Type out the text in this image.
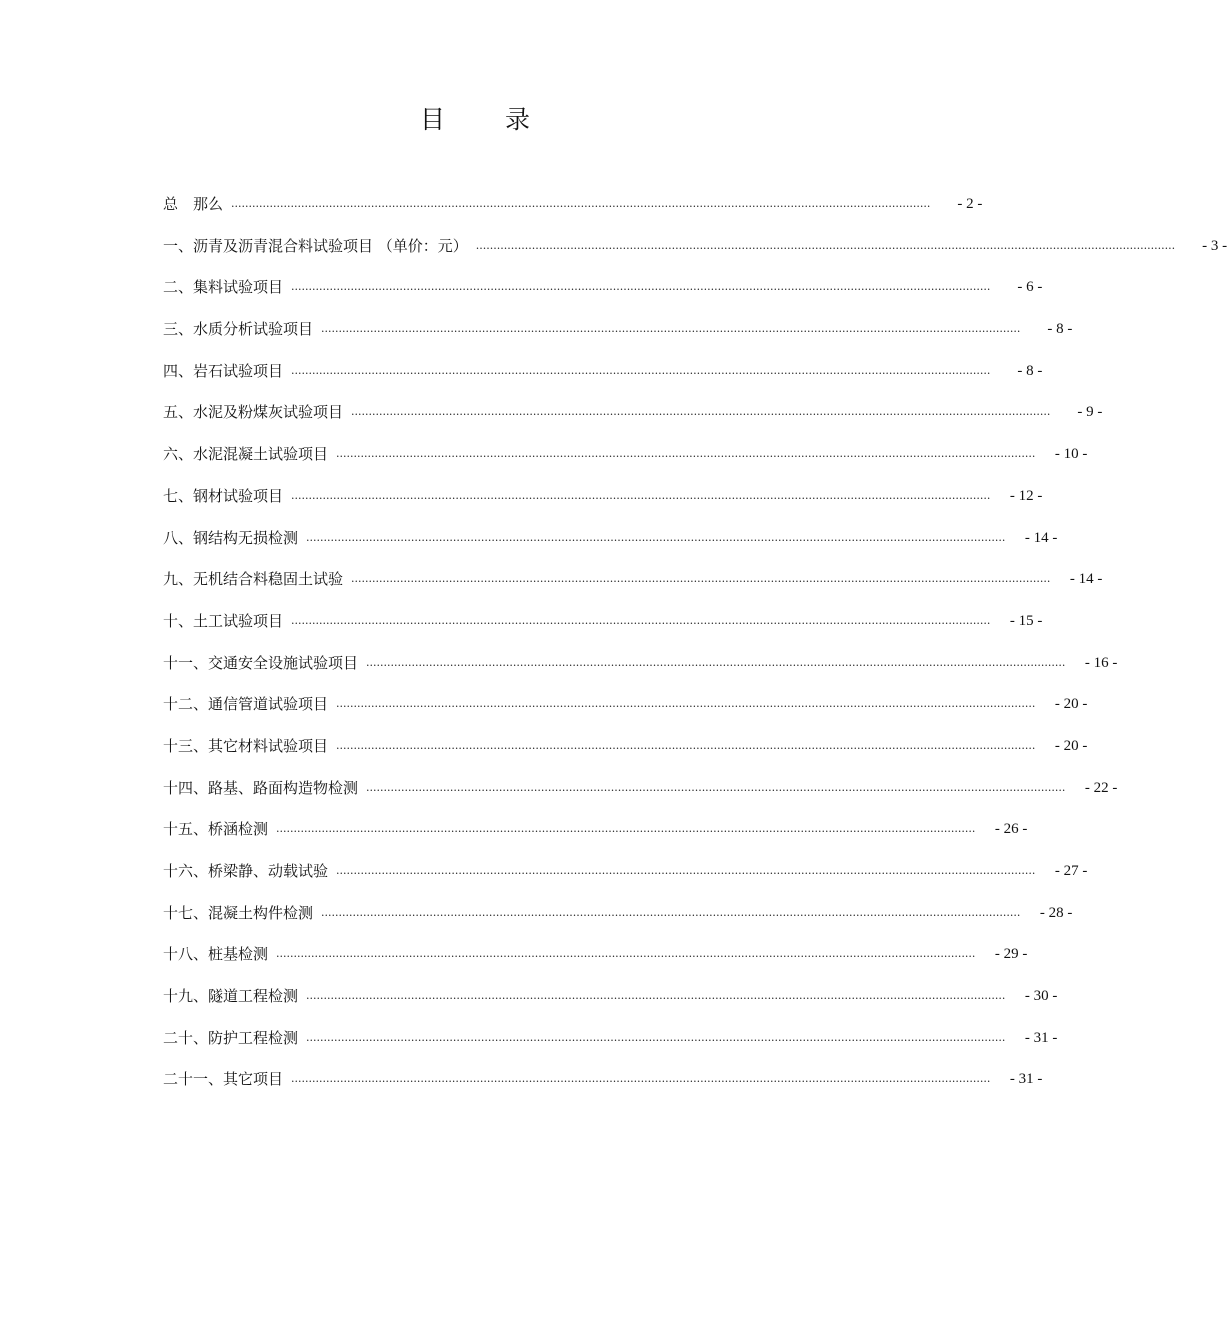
目 录
总　那么 ........................................................................................................................................................................................................	- 2 -
一、沥青及沥青混合料试验项目 （单价：元） ........................................................................................................................................................................................................	- 3 -
二、集料试验项目 ........................................................................................................................................................................................................	- 6 -
三、水质分析试验项目 ........................................................................................................................................................................................................	- 8 -
四、岩石试验项目 ........................................................................................................................................................................................................	- 8 -
五、水泥及粉煤灰试验项目 ........................................................................................................................................................................................................	- 9 -
六、水泥混凝土试验项目 ........................................................................................................................................................................................................	- 10 -
七、钢材试验项目 ........................................................................................................................................................................................................	- 12 -
八、钢结构无损检测 ........................................................................................................................................................................................................	- 14 -
九、无机结合料稳固土试验 ........................................................................................................................................................................................................	- 14 -
十、土工试验项目 ........................................................................................................................................................................................................	- 15 -
十一、交通安全设施试验项目 ........................................................................................................................................................................................................	- 16 -
十二、通信管道试验项目 ........................................................................................................................................................................................................	- 20 -
十三、其它材料试验项目 ........................................................................................................................................................................................................	- 20 -
十四、路基、路面构造物检测 ........................................................................................................................................................................................................	- 22 -
十五、桥涵检测 ........................................................................................................................................................................................................	- 26 -
十六、桥梁静、动载试验 ........................................................................................................................................................................................................	- 27 -
十七、混凝土构件检测 ........................................................................................................................................................................................................	- 28 -
十八、桩基检测 ........................................................................................................................................................................................................	- 29 -
十九、隧道工程检测 ........................................................................................................................................................................................................	- 30 -
二十、防护工程检测 ........................................................................................................................................................................................................	- 31 -
二十一、其它项目 ........................................................................................................................................................................................................	- 31 -
